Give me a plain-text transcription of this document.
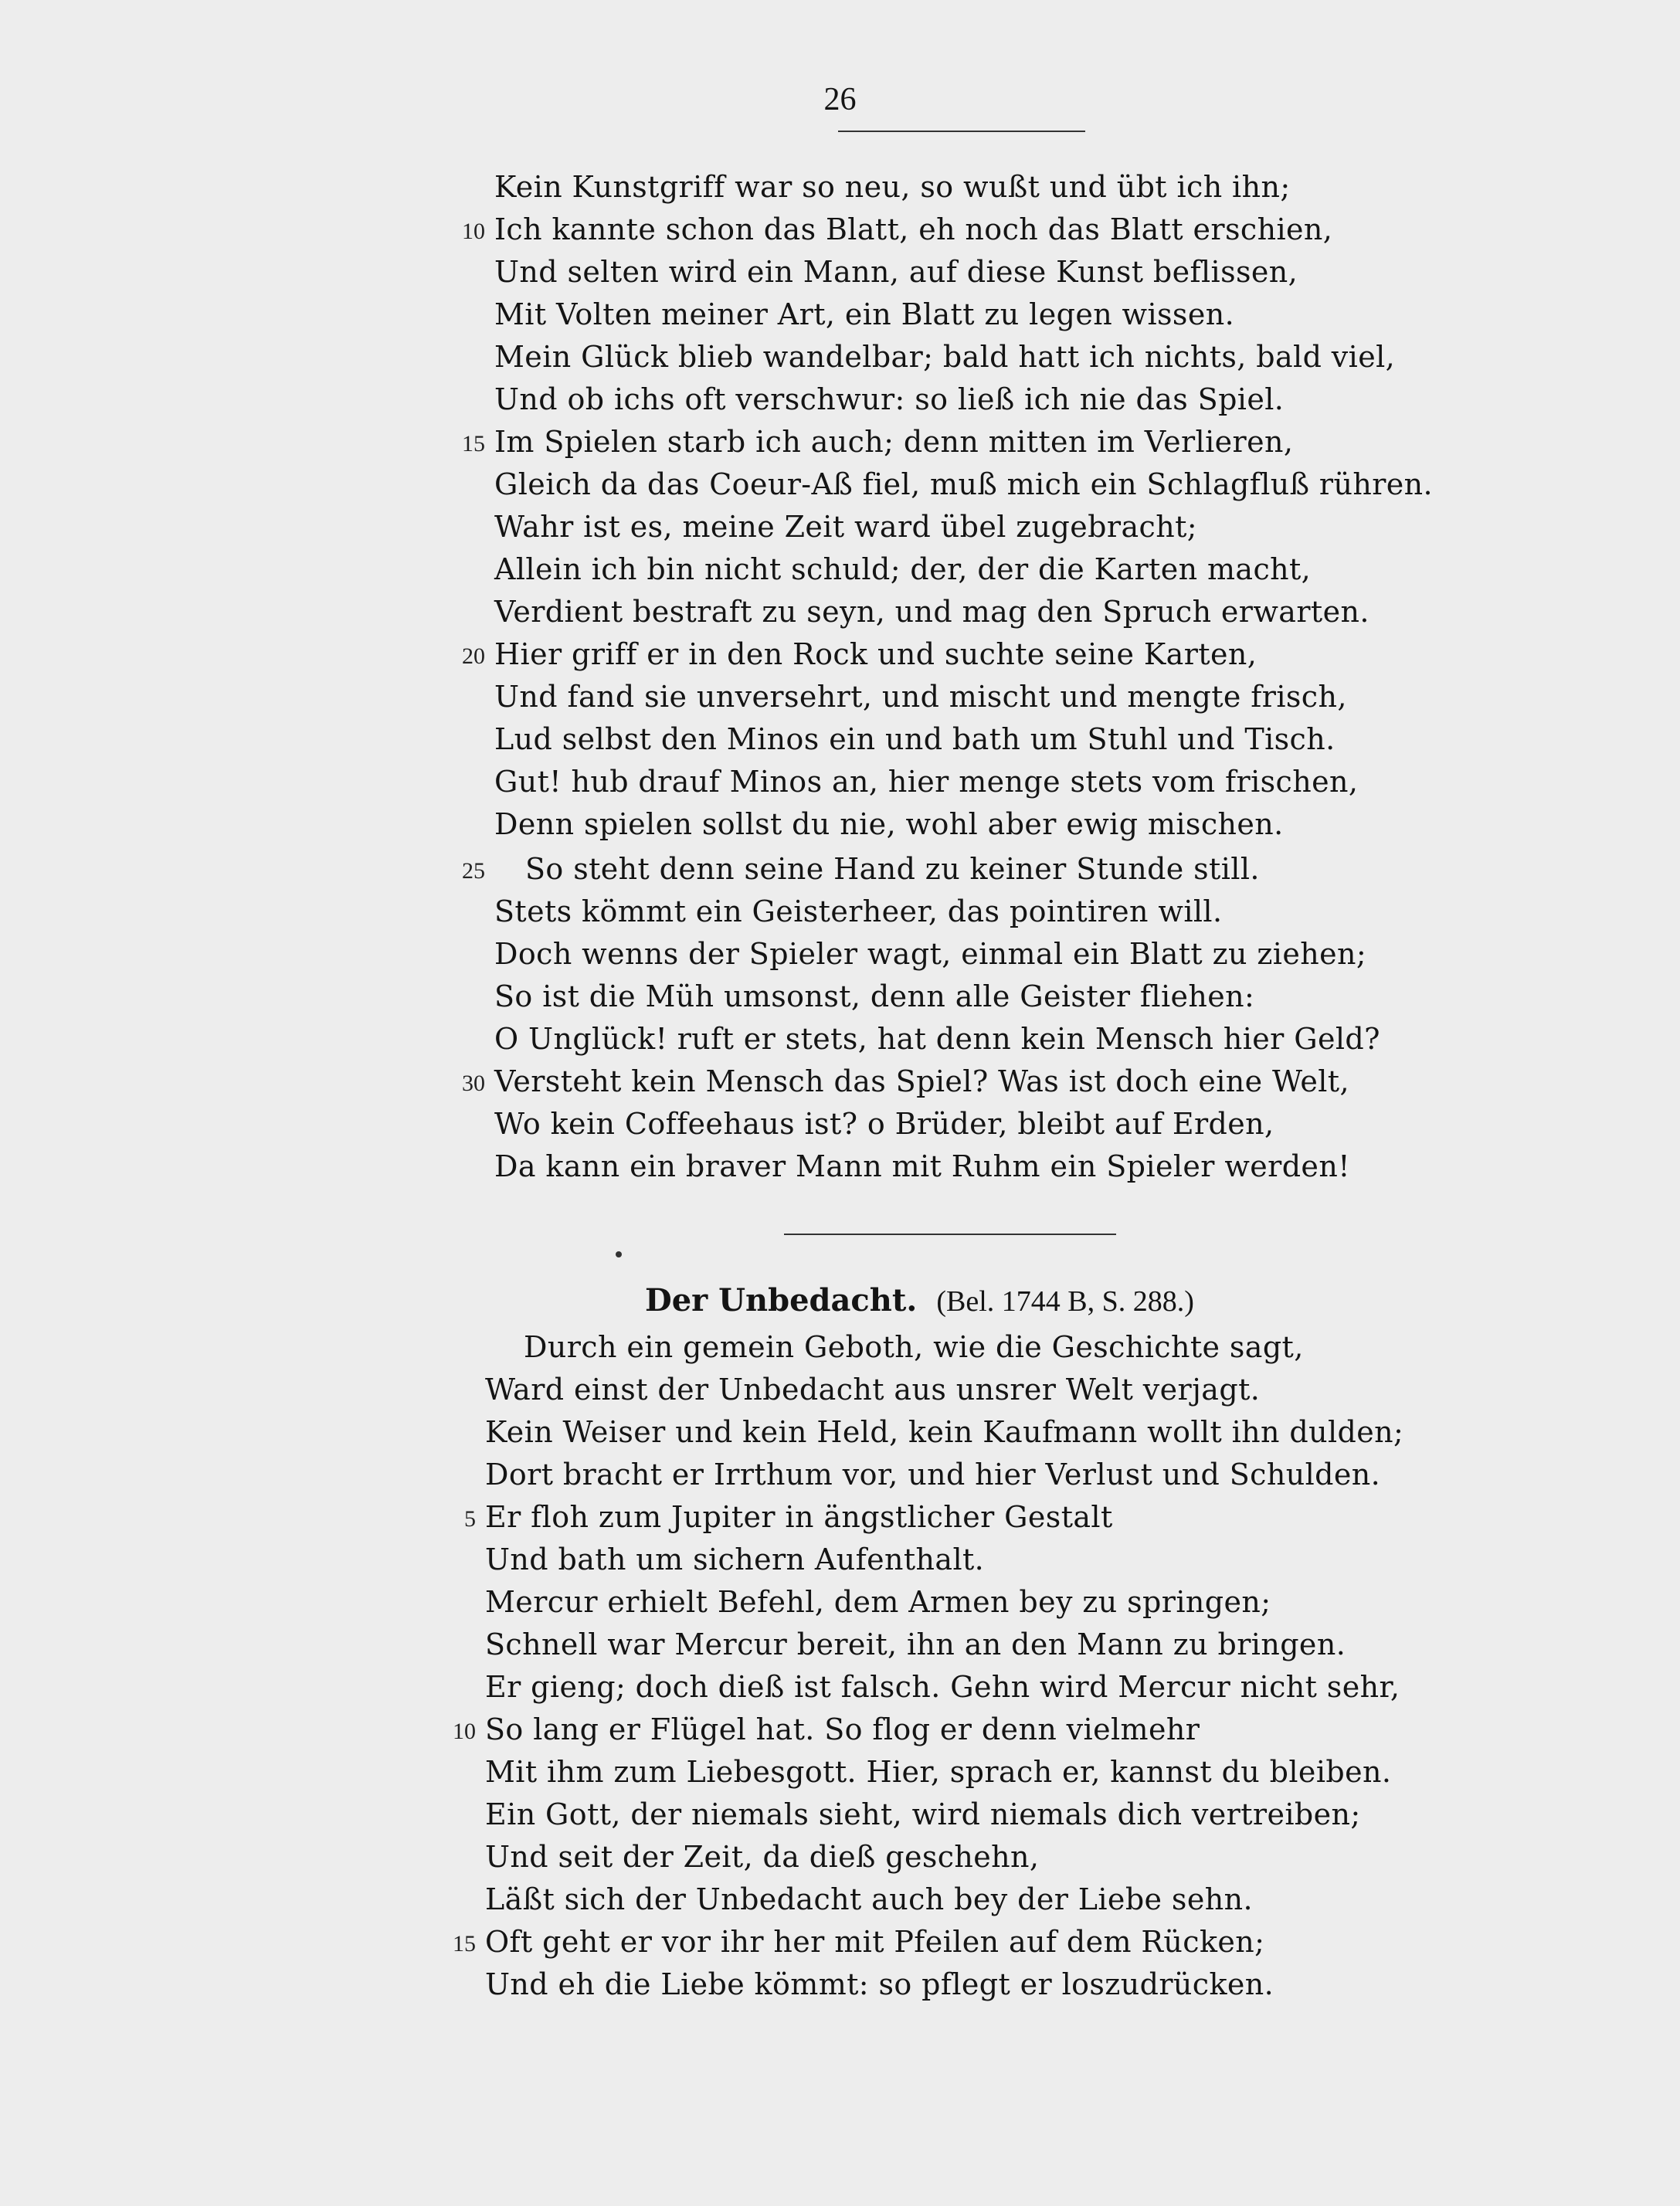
26
Kein Kunstgriff war so neu, so wußt und übt ich ihn;
10 Ich kannte schon das Blatt, eh noch das Blatt erschien,
Und selten wird ein Mann, auf diese Kunst beflissen,
Mit Volten meiner Art, ein Blatt zu legen wissen.
Mein Glück blieb wandelbar; bald hatt ich nichts, bald viel,
Und ob ichs oft verschwur: so ließ ich nie das Spiel.
15 Im Spielen starb ich auch; denn mitten im Verlieren,
Gleich da das Coeur-Aß fiel, muß mich ein Schlagfluß rühren.
Wahr ist es, meine Zeit ward übel zugebracht;
Allein ich bin nicht schuld; der, der die Karten macht,
Verdient bestraft zu seyn, und mag den Spruch erwarten.
20 Hier griff er in den Rock und suchte seine Karten,
Und fand sie unversehrt, und mischt und mengte frisch,
Lud selbst den Minos ein und bath um Stuhl und Tisch.
Gut! hub drauf Minos an, hier menge stets vom frischen,
Denn spielen sollst du nie, wohl aber ewig mischen.
25 So steht denn seine Hand zu keiner Stunde still.
Stets kömmt ein Geisterheer, das pointiren will.
Doch wenns der Spieler wagt, einmal ein Blatt zu ziehen;
So ist die Müh umsonst, denn alle Geister fliehen:
O Unglück! ruft er stets, hat denn kein Mensch hier Geld?
30 Versteht kein Mensch das Spiel? Was ist doch eine Welt,
Wo kein Coffeehaus ist? o Brüder, bleibt auf Erden,
Da kann ein braver Mann mit Ruhm ein Spieler werden!
Der Unbedacht. (Bel. 1744 B, S. 288.)
Durch ein gemein Geboth, wie die Geschichte sagt,
Ward einst der Unbedacht aus unsrer Welt verjagt.
Kein Weiser und kein Held, kein Kaufmann wollt ihn dulden;
Dort bracht er Irrthum vor, und hier Verlust und Schulden.
5 Er floh zum Jupiter in ängstlicher Gestalt
Und bath um sichern Aufenthalt.
Mercur erhielt Befehl, dem Armen bey zu springen;
Schnell war Mercur bereit, ihn an den Mann zu bringen.
Er gieng; doch dieß ist falsch. Gehn wird Mercur nicht sehr,
10 So lang er Flügel hat. So flog er denn vielmehr
Mit ihm zum Liebesgott. Hier, sprach er, kannst du bleiben.
Ein Gott, der niemals sieht, wird niemals dich vertreiben;
Und seit der Zeit, da dieß geschehn,
Läßt sich der Unbedacht auch bey der Liebe sehn.
15 Oft geht er vor ihr her mit Pfeilen auf dem Rücken;
Und eh die Liebe kömmt: so pflegt er loszudrücken.
